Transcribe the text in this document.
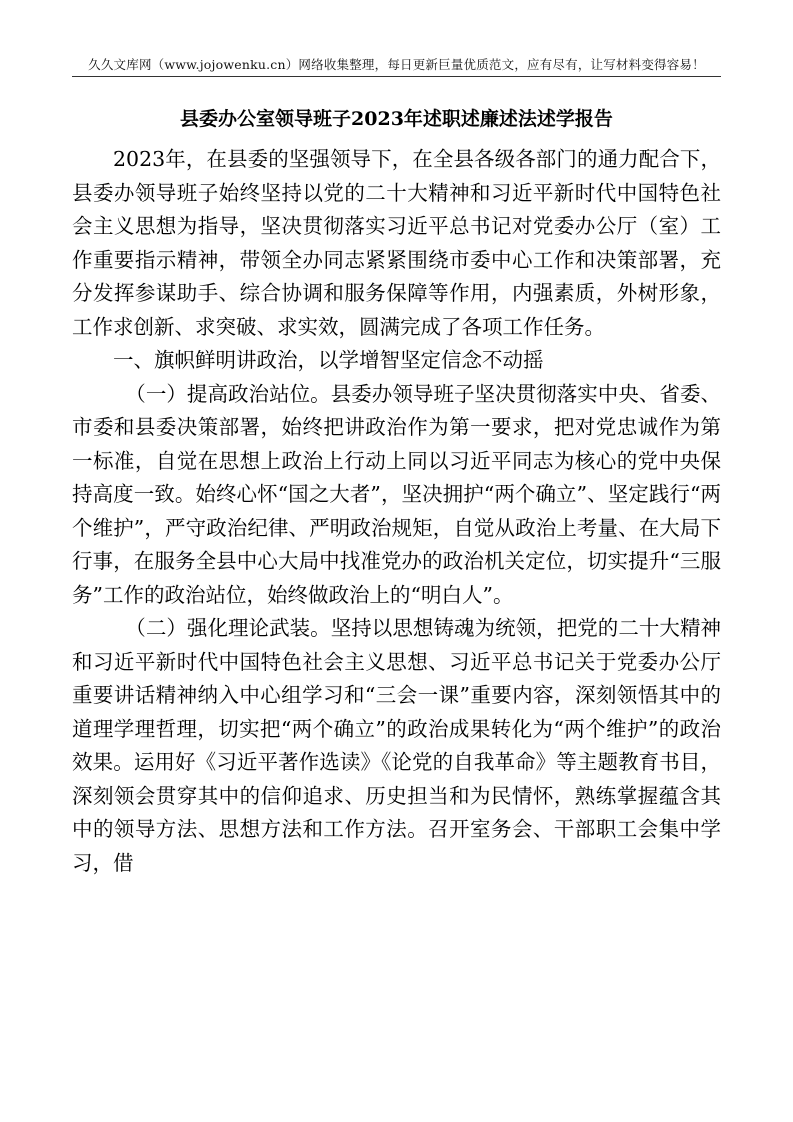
久久文库网（www.jojowenku.cn）网络收集整理，每日更新巨量优质范文，应有尽有，让写材料变得容易！
县委办公室领导班子2023年述职述廉述法述学报告

2023年，在县委的坚强领导下，在全县各级各部门的通力配合下，县委办领导班子始终坚持以党的二十大精神和习近平新时代中国特色社会主义思想为指导，坚决贯彻落实习近平总书记对党委办公厅（室）工作重要指示精神，带领全办同志紧紧围绕市委中心工作和决策部署，充分发挥参谋助手、综合协调和服务保障等作用，内强素质，外树形象，工作求创新、求突破、求实效，圆满完成了各项工作任务。

一、旗帜鲜明讲政治，以学增智坚定信念不动摇

（一）提高政治站位。县委办领导班子坚决贯彻落实中央、省委、市委和县委决策部署，始终把讲政治作为第一要求，把对党忠诚作为第一标准，自觉在思想上政治上行动上同以习近平同志为核心的党中央保持高度一致。始终心怀“国之大者”，坚决拥护“两个确立”、坚定践行“两个维护”，严守政治纪律、严明政治规矩，自觉从政治上考量、在大局下行事，在服务全县中心大局中找准党办的政治机关定位，切实提升“三服务”工作的政治站位，始终做政治上的“明白人”。

（二）强化理论武装。坚持以思想铸魂为统领，把党的二十大精神和习近平新时代中国特色社会主义思想、习近平总书记关于党委办公厅重要讲话精神纳入中心组学习和“三会一课”重要内容，深刻领悟其中的道理学理哲理，切实把“两个确立”的政治成果转化为“两个维护”的政治效果。运用好《习近平著作选读》《论党的自我革命》等主题教育书目，深刻领会贯穿其中的信仰追求、历史担当和为民情怀，熟练掌握蕴含其中的领导方法、思想方法和工作方法。召开室务会、干部职工会集中学习，借
